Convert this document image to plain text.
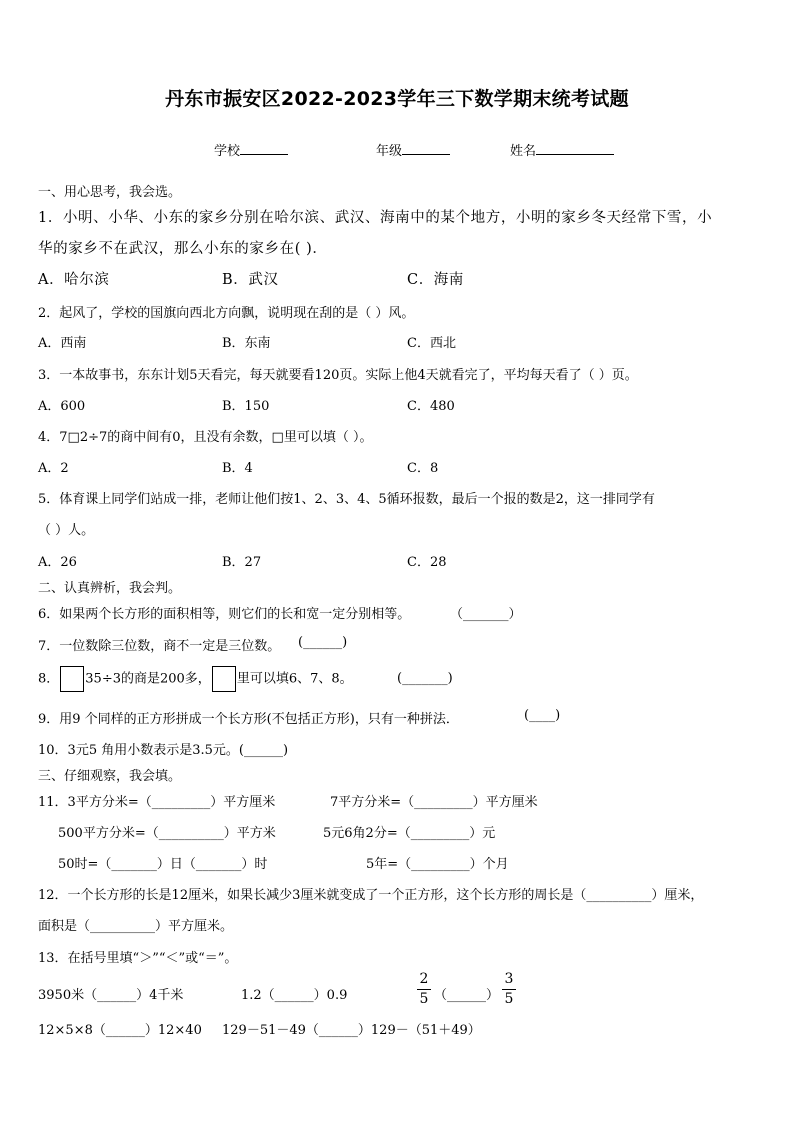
丹东市振安区2022-2023学年三下数学期末统考试题
学校	年级	姓名
一、用心思考，我会选。
1．小明、小华、小东的家乡分别在哈尔滨、武汉、海南中的某个地方，小明的家乡冬天经常下雪，小
华的家乡不在武汉，那么小东的家乡在( )．
A．哈尔滨	B．武汉	C．海南
2．起风了，学校的国旗向西北方向飘，说明现在刮的是（ ）风。
A．西南	B．东南	C．西北
3．一本故事书，东东计划5天看完，每天就要看120页。实际上他4天就看完了，平均每天看了（ ）页。
A．600	B．150	C．480
4．7□2÷7的商中间有0，且没有余数，□里可以填（ ）。
A．2	B．4	C．8
5．体育课上同学们站成一排，老师让他们按1、2、3、4、5循环报数，最后一个报的数是2，这一排同学有
（ ）人。
A．26	B．27	C．28
二、认真辨析，我会判。
6．如果两个长方形的面积相等，则它们的长和宽一定分别相等。	（_______）
7．一位数除三位数，商不一定是三位数。 (______)
8． 35÷3的商是200多， 里可以填6、7、8。	(_______)
9．用9 个同样的正方形拼成一个长方形(不包括正方形)，只有一种拼法．	(____)
10．3元5 角用小数表示是3.5元。(______)
三、仔细观察，我会填。
11．3平方分米=（_________）平方厘米	7平方分米=（_________）平方厘米
500平方分米=（__________）平方米	5元6角2分=（_________）元
50时=（_______）日（_______）时	5年=（_________）个月
12．一个长方形的长是12厘米，如果长减少3厘米就变成了一个正方形，这个长方形的周长是（__________）厘米，
面积是（__________）平方厘米。
13．在括号里填“＞”“＜”或“＝”。
3950米（______）4千米	1.2（______）0.9	$\frac{2}{5}$ （______） $\frac{3}{5}$
12×5×8（______）12×40 129－51－49（______）129－（51＋49）
